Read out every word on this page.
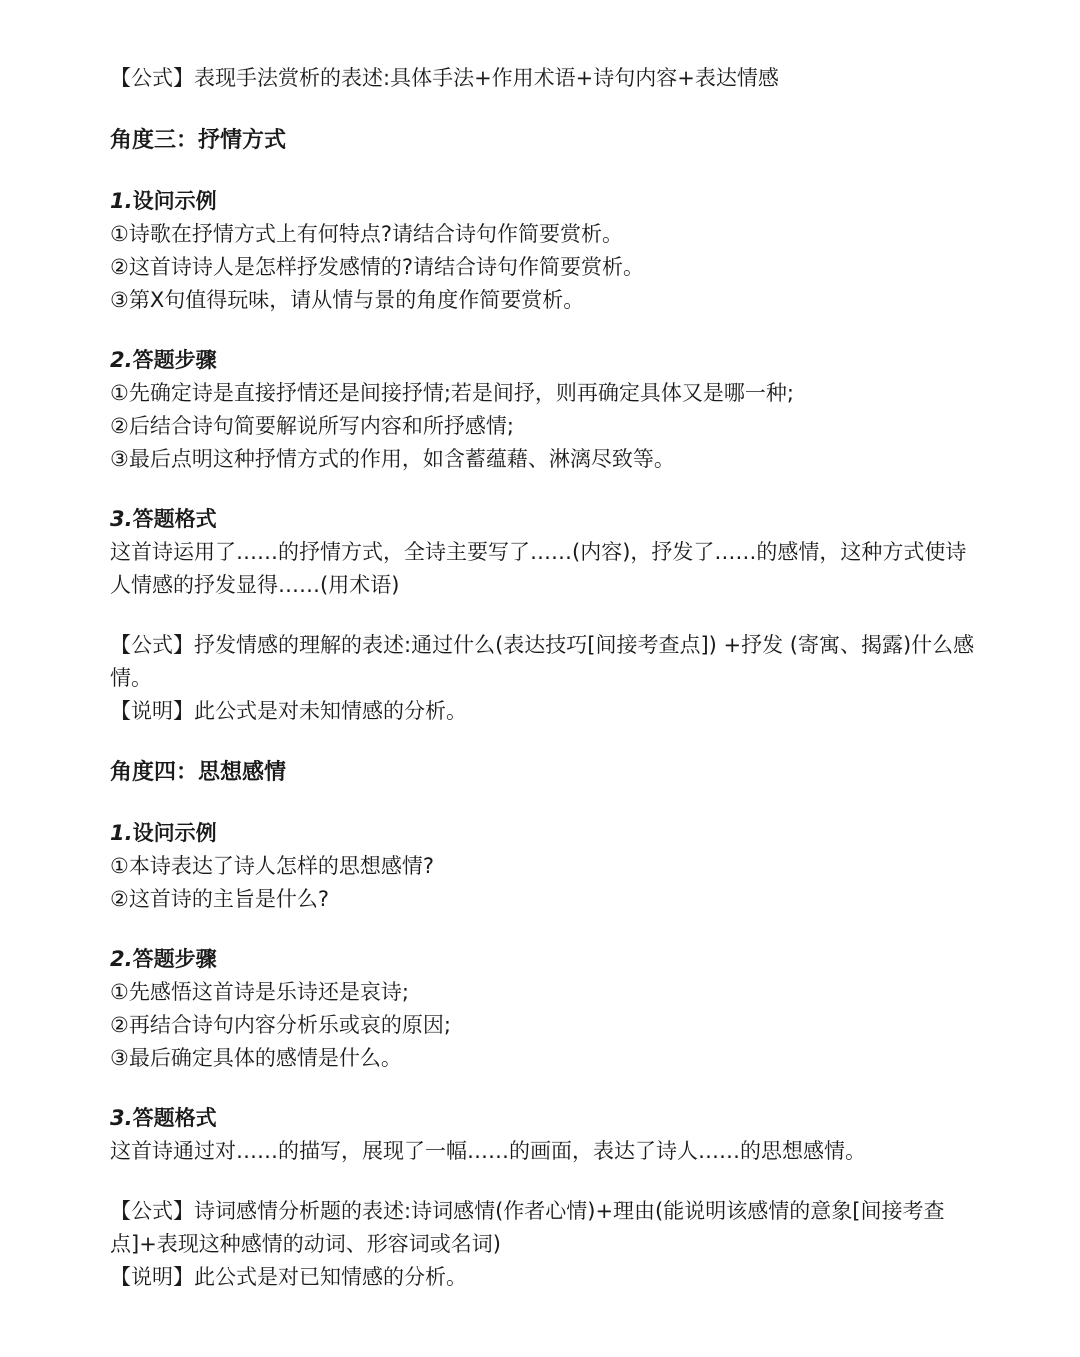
【公式】表现手法赏析的表述:具体手法+作用术语+诗句内容+表达情感

角度三：抒情方式

1.设问示例

①诗歌在抒情方式上有何特点?请结合诗句作简要赏析。

②这首诗诗人是怎样抒发感情的?请结合诗句作简要赏析。

③第X句值得玩味，请从情与景的角度作简要赏析。

2.答题步骤

①先确定诗是直接抒情还是间接抒情;若是间抒，则再确定具体又是哪一种;

②后结合诗句简要解说所写内容和所抒感情;

③最后点明这种抒情方式的作用，如含蓄蕴藉、淋漓尽致等。

3.答题格式

这首诗运用了……的抒情方式，全诗主要写了……(内容)，抒发了……的感情，这种方式使诗人情感的抒发显得……(用术语)

【公式】抒发情感的理解的表述:通过什么(表达技巧[间接考查点]) +抒发 (寄寓、揭露)什么感情。

【说明】此公式是对未知情感的分析。

角度四：思想感情

1.设问示例

①本诗表达了诗人怎样的思想感情?

②这首诗的主旨是什么?

2.答题步骤

①先感悟这首诗是乐诗还是哀诗;

②再结合诗句内容分析乐或哀的原因;

③最后确定具体的感情是什么。

3.答题格式

这首诗通过对……的描写，展现了一幅……的画面，表达了诗人……的思想感情。

【公式】诗词感情分析题的表述:诗词感情(作者心情)+理由(能说明该感情的意象[间接考查点]+表现这种感情的动词、形容词或名词)

【说明】此公式是对已知情感的分析。
